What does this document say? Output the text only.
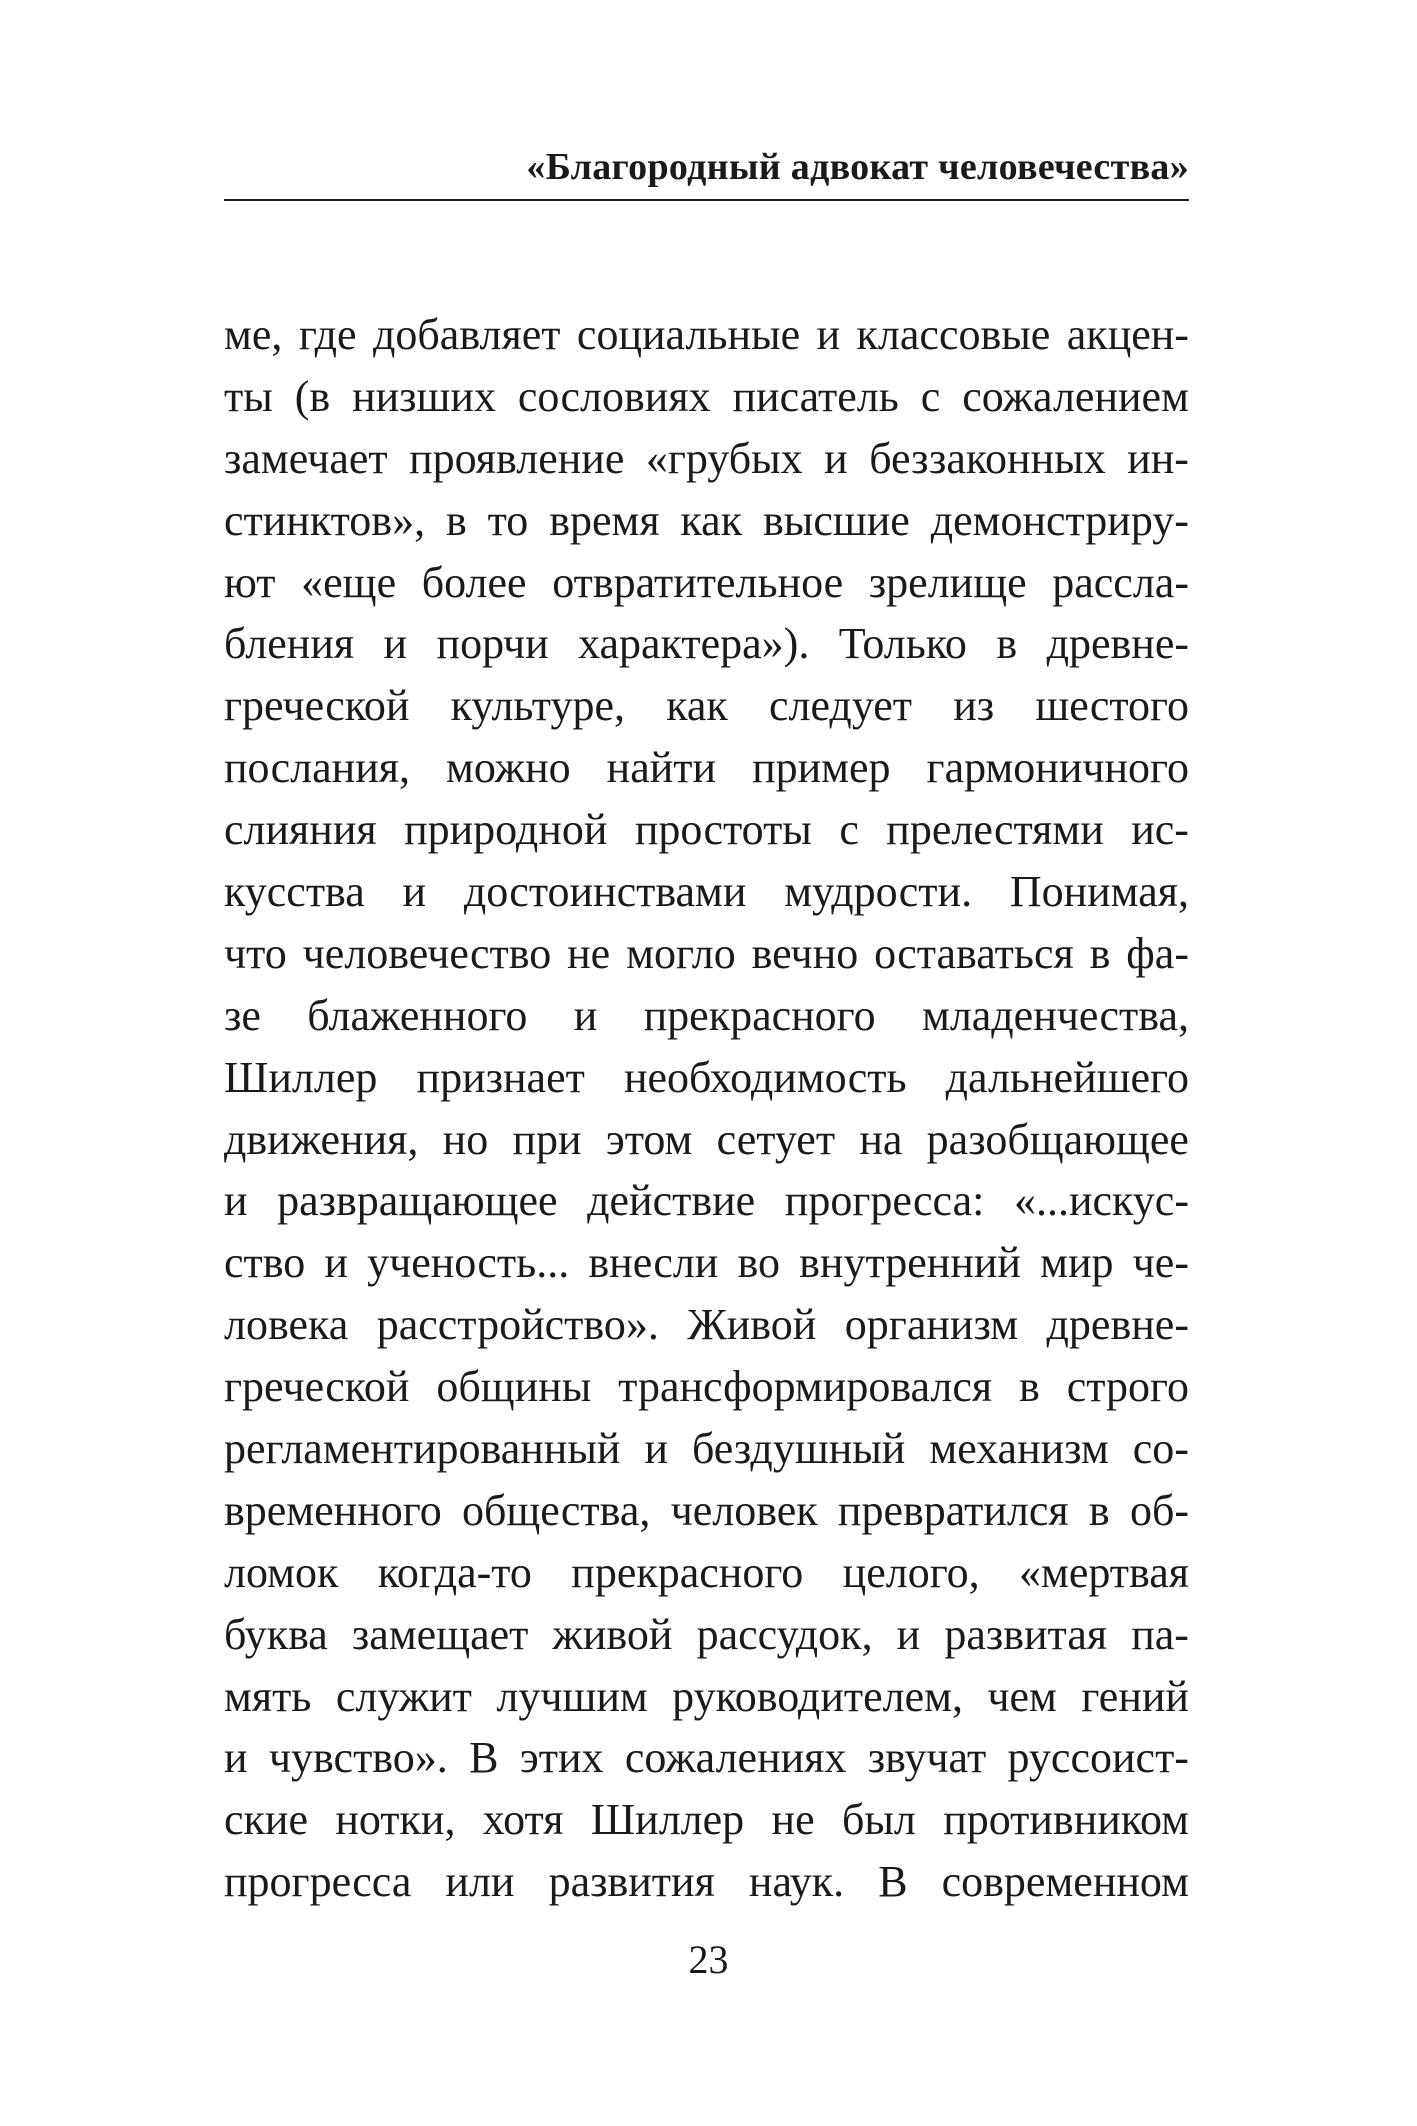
«Благородный адвокат человечества»
ме, где добавляет социальные и классовые акцен-
ты (в низших сословиях писатель с сожалением
замечает проявление «грубых и беззаконных ин-
стинктов», в то время как высшие демонстриру-
ют «еще более отвратительное зрелище рассла-
бления и порчи характера»). Только в древне-
греческой культуре, как следует из шестого
послания, можно найти пример гармоничного
слияния природной простоты с прелестями ис-
кусства и достоинствами мудрости. Понимая,
что человечество не могло вечно оставаться в фа-
зе блаженного и прекрасного младенчества,
Шиллер признает необходимость дальнейшего
движения, но при этом сетует на разобщающее
и развращающее действие прогресса: «...искус-
ство и ученость... внесли во внутренний мир че-
ловека расстройство». Живой организм древне-
греческой общины трансформировался в строго
регламентированный и бездушный механизм со-
временного общества, человек превратился в об-
ломок когда-то прекрасного целого, «мертвая
буква замещает живой рассудок, и развитая па-
мять служит лучшим руководителем, чем гений
и чувство». В этих сожалениях звучат руссоист-
ские нотки, хотя Шиллер не был противником
прогресса или развития наук. В современном
23
